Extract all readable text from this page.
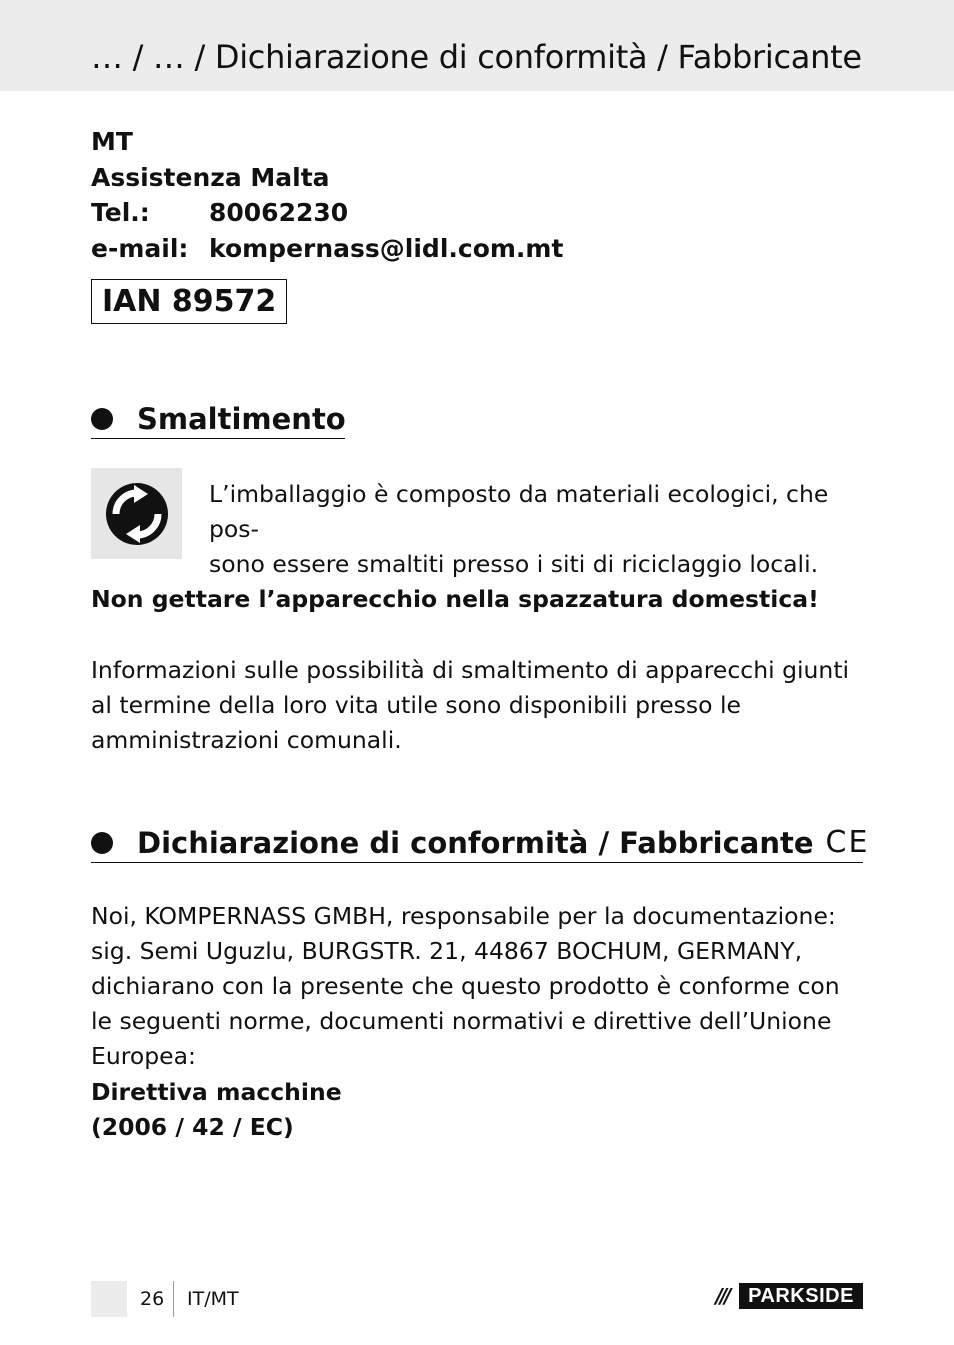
… / … / Dichiarazione di conformità / Fabbricante
MT
Assistenza Malta
Tel.:	80062230
e-mail: kompernass@lidl.com.mt
IAN 89572
Smaltimento
L’imballaggio è composto da materiali ecologici, che pos-
sono essere smaltiti presso i siti di riciclaggio locali.
Non gettare l’apparecchio nella spazzatura domestica!
Informazioni sulle possibilità di smaltimento di apparecchi giunti al termine della loro vita utile sono disponibili presso le amministrazioni comunali.
Dichiarazione di conformità / Fabbricante CE
Noi, KOMPERNASS GMBH, responsabile per la documentazione: sig. Semi Uguzlu, BURGSTR. 21, 44867 BOCHUM, GERMANY, dichiarano con la presente che questo prodotto è conforme con le seguenti norme, documenti normativi e direttive dell’Unione Europea:
Direttiva macchine
(2006 / 42 / EC)
26 IT/MT	/// PARKSIDE
